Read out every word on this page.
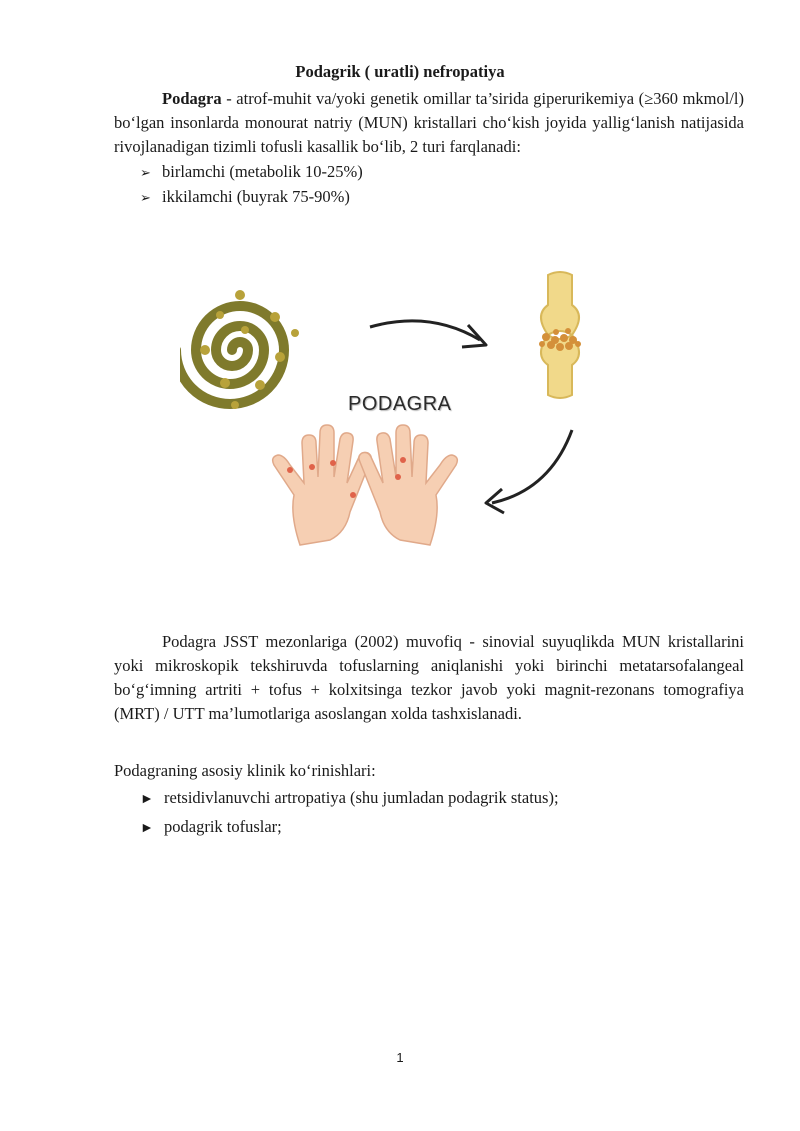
Podagrik ( uratli) nefropatiya

Podagra - atrof-muhit va/yoki genetik omillar ta’sirida giperurikemiya (≥360 mkmol/l) bo‘lgan insonlarda monourat natriy (MUN) kristallari cho‘kish joyida yallig‘lanish natijasida rivojlanadigan tizimli tofusli kasallik bo‘lib, 2 turi farqlanadi:

➢ birlamchi (metabolik 10-25%)
➢ ikkilamchi (buyrak 75-90%)
PODAGRA

Podagra JSST mezonlariga (2002) muvofiq - sinovial suyuqlikda MUN kristallarini yoki mikroskopik tekshiruvda tofuslarning aniqlanishi yoki birinchi metatarsofalangeal bo‘g‘imning artriti + tofus + kolxitsinga tezkor javob yoki magnit-rezonans tomografiya (MRT) / UTT ma’lumotlariga asoslangan xolda tashxislanadi.

Podagraning asosiy klinik ko‘rinishlari:

► retsidivlanuvchi artropatiya (shu jumladan podagrik status);
► podagrik tofuslar;
1
